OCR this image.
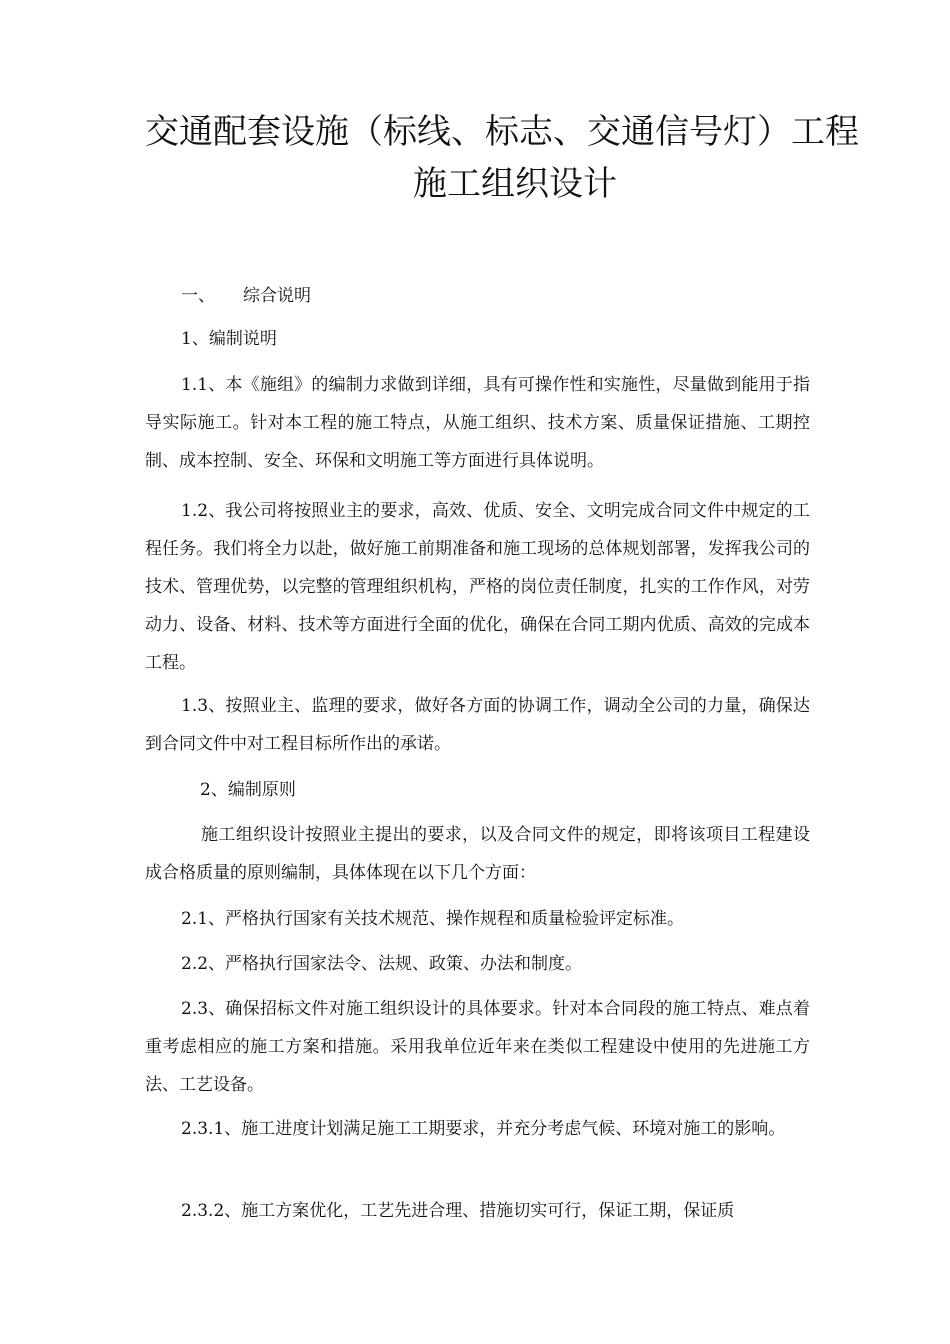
交通配套设施（标线、标志、交通信号灯）工程
施工组织设计
一、 综合说明
1、编制说明

1.1、本《施组》的编制力求做到详细，具有可操作性和实施性，尽量做到能用于指导实际施工。针对本工程的施工特点，从施工组织、技术方案、质量保证措施、工期控制、成本控制、安全、环保和文明施工等方面进行具体说明。

1.2、我公司将按照业主的要求，高效、优质、安全、文明完成合同文件中规定的工程任务。我们将全力以赴，做好施工前期准备和施工现场的总体规划部署，发挥我公司的技术、管理优势，以完整的管理组织机构，严格的岗位责任制度，扎实的工作作风，对劳动力、设备、材料、技术等方面进行全面的优化，确保在合同工期内优质、高效的完成本工程。

1.3、按照业主、监理的要求，做好各方面的协调工作，调动全公司的力量，确保达到合同文件中对工程目标所作出的承诺。

2、编制原则

施工组织设计按照业主提出的要求，以及合同文件的规定，即将该项目工程建设成合格质量的原则编制，具体体现在以下几个方面：

2.1、严格执行国家有关技术规范、操作规程和质量检验评定标准。

2.2、严格执行国家法令、法规、政策、办法和制度。

2.3、确保招标文件对施工组织设计的具体要求。针对本合同段的施工特点、难点着重考虑相应的施工方案和措施。采用我单位近年来在类似工程建设中使用的先进施工方法、工艺设备。

2.3.1、施工进度计划满足施工工期要求，并充分考虑气候、环境对施工的影响。

2.3.2、施工方案优化，工艺先进合理、措施切实可行，保证工期，保证质
